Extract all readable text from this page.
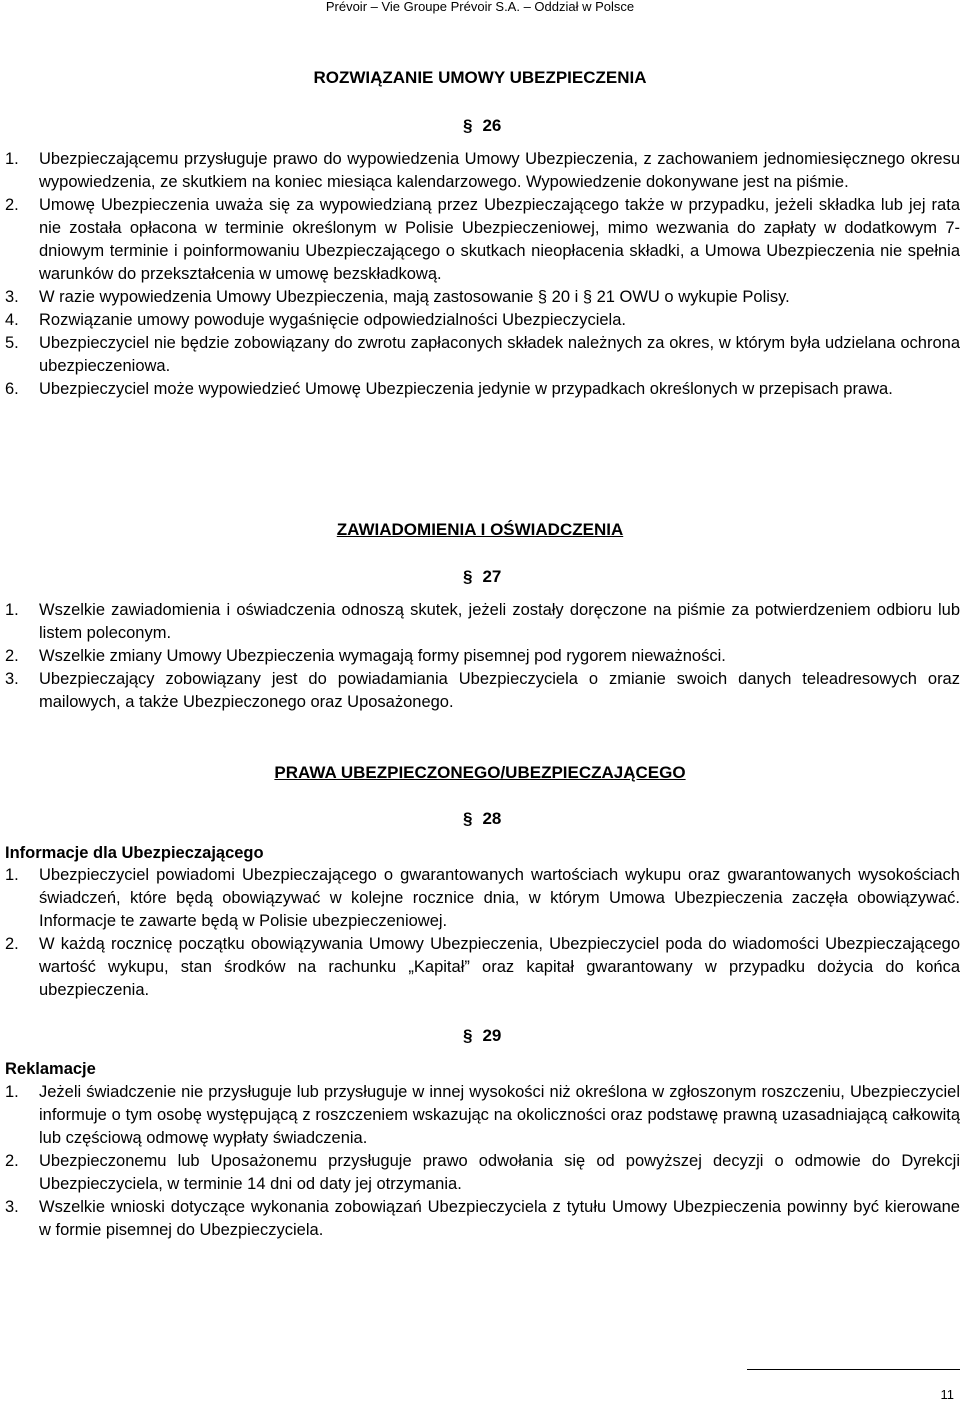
Prévoir – Vie Groupe Prévoir S.A. – Oddział w Polsce
ROZWIĄZANIE UMOWY UBEZPIECZENIA
§ 26
1. Ubezpieczającemu przysługuje prawo do wypowiedzenia Umowy Ubezpieczenia, z zachowaniem jednomiesięcznego okresu wypowiedzenia, ze skutkiem na koniec miesiąca kalendarzowego. Wypowiedzenie dokonywane jest na piśmie.
2. Umowę Ubezpieczenia uważa się za wypowiedzianą przez Ubezpieczającego także w przypadku, jeżeli składka lub jej rata nie została opłacona w terminie określonym w Polisie Ubezpieczeniowej, mimo wezwania do zapłaty w dodatkowym 7-dniowym terminie i poinformowaniu Ubezpieczającego o skutkach nieopłacenia składki, a Umowa Ubezpieczenia nie spełnia warunków do przekształcenia w umowę bezskładkową.
3. W razie wypowiedzenia Umowy Ubezpieczenia, mają zastosowanie § 20 i § 21 OWU o wykupie Polisy.
4. Rozwiązanie umowy powoduje wygaśnięcie odpowiedzialności Ubezpieczyciela.
5. Ubezpieczyciel nie będzie zobowiązany do zwrotu zapłaconych składek należnych za okres, w którym była udzielana ochrona ubezpieczeniowa.
6. Ubezpieczyciel może wypowiedzieć Umowę Ubezpieczenia jedynie w przypadkach określonych w przepisach prawa.
ZAWIADOMIENIA I OŚWIADCZENIA
§ 27
1. Wszelkie zawiadomienia i oświadczenia odnoszą skutek, jeżeli zostały doręczone na piśmie za potwierdzeniem odbioru lub listem poleconym.
2. Wszelkie zmiany Umowy Ubezpieczenia wymagają formy pisemnej pod rygorem nieważności.
3. Ubezpieczający zobowiązany jest do powiadamiania Ubezpieczyciela o zmianie swoich danych teleadresowych oraz mailowych, a także Ubezpieczonego oraz Uposażonego.
PRAWA UBEZPIECZONEGO/UBEZPIECZAJĄCEGO
§ 28
Informacje dla Ubezpieczającego
1. Ubezpieczyciel powiadomi Ubezpieczającego o gwarantowanych wartościach wykupu oraz gwarantowanych wysokościach świadczeń, które będą obowiązywać w kolejne rocznice dnia, w którym Umowa Ubezpieczenia zaczęła obowiązywać. Informacje te zawarte będą w Polisie ubezpieczeniowej.
2. W każdą rocznicę początku obowiązywania Umowy Ubezpieczenia, Ubezpieczyciel poda do wiadomości Ubezpieczającego wartość wykupu, stan środków na rachunku „Kapitał” oraz kapitał gwarantowany w przypadku dożycia do końca ubezpieczenia.
§ 29
Reklamacje
1. Jeżeli świadczenie nie przysługuje lub przysługuje w innej wysokości niż określona w zgłoszonym roszczeniu, Ubezpieczyciel informuje o tym osobę występującą z roszczeniem wskazując na okoliczności oraz podstawę prawną uzasadniającą całkowitą lub częściową odmowę wypłaty świadczenia.
2. Ubezpieczonemu lub Uposażonemu przysługuje prawo odwołania się od powyższej decyzji o odmowie do Dyrekcji Ubezpieczyciela, w terminie 14 dni od daty jej otrzymania.
3. Wszelkie wnioski dotyczące wykonania zobowiązań Ubezpieczyciela z tytułu Umowy Ubezpieczenia powinny być kierowane w formie pisemnej do Ubezpieczyciela.
11
